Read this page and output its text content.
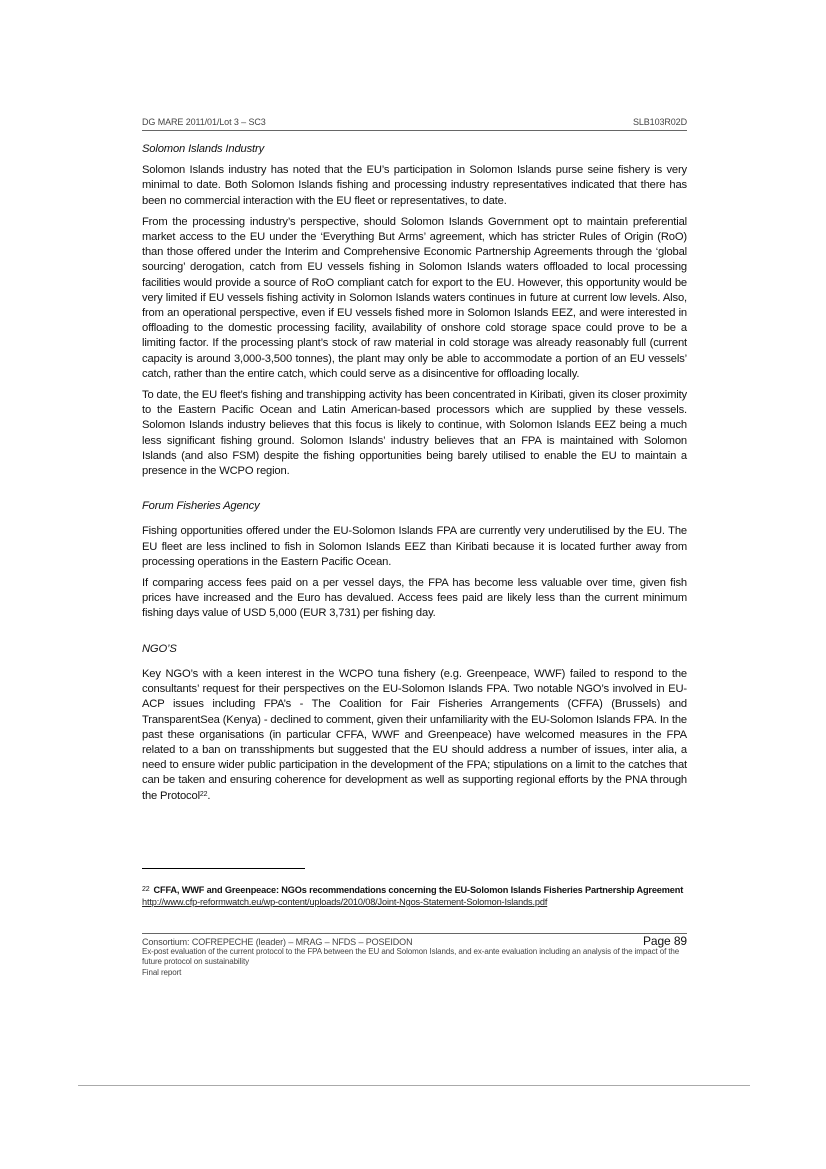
DG MARE 2011/01/Lot 3 – SC3	SLB103R02D
Solomon Islands Industry

Solomon Islands industry has noted that the EU’s participation in Solomon Islands purse seine fishery is very minimal to date. Both Solomon Islands fishing and processing industry representatives indicated that there has been no commercial interaction with the EU fleet or representatives, to date.

From the processing industry’s perspective, should Solomon Islands Government opt to maintain preferential market access to the EU under the ‘Everything But Arms’ agreement, which has stricter Rules of Origin (RoO) than those offered under the Interim and Comprehensive Economic Partnership Agreements through the ‘global sourcing’ derogation, catch from EU vessels fishing in Solomon Islands waters offloaded to local processing facilities would provide a source of RoO compliant catch for export to the EU. However, this opportunity would be very limited if EU vessels fishing activity in Solomon Islands waters continues in future at current low levels. Also, from an operational perspective, even if EU vessels fished more in Solomon Islands EEZ, and were interested in offloading to the domestic processing facility, availability of onshore cold storage space could prove to be a limiting factor. If the processing plant’s stock of raw material in cold storage was already reasonably full (current capacity is around 3,000-3,500 tonnes), the plant may only be able to accommodate a portion of an EU vessels’ catch, rather than the entire catch, which could serve as a disincentive for offloading locally.

To date, the EU fleet’s fishing and transhipping activity has been concentrated in Kiribati, given its closer proximity to the Eastern Pacific Ocean and Latin American-based processors which are supplied by these vessels. Solomon Islands industry believes that this focus is likely to continue, with Solomon Islands EEZ being a much less significant fishing ground. Solomon Islands’ industry believes that an FPA is maintained with Solomon Islands (and also FSM) despite the fishing opportunities being barely utilised to enable the EU to maintain a presence in the WCPO region.

Forum Fisheries Agency

Fishing opportunities offered under the EU-Solomon Islands FPA are currently very underutilised by the EU. The EU fleet are less inclined to fish in Solomon Islands EEZ than Kiribati because it is located further away from processing operations in the Eastern Pacific Ocean.

If comparing access fees paid on a per vessel days, the FPA has become less valuable over time, given fish prices have increased and the Euro has devalued. Access fees paid are likely less than the current minimum fishing days value of USD 5,000 (EUR 3,731) per fishing day.

NGO’S

Key NGO’s with a keen interest in the WCPO tuna fishery (e.g. Greenpeace, WWF) failed to respond to the consultants’ request for their perspectives on the EU-Solomon Islands FPA. Two notable NGO’s involved in EU-ACP issues including FPA’s - The Coalition for Fair Fisheries Arrangements (CFFA) (Brussels) and TransparentSea (Kenya) - declined to comment, given their unfamiliarity with the EU-Solomon Islands FPA. In the past these organisations (in particular CFFA, WWF and Greenpeace) have welcomed measures in the FPA related to a ban on transshipments but suggested that the EU should address a number of issues, inter alia, a need to ensure wider public participation in the development of the FPA; stipulations on a limit to the catches that can be taken and ensuring coherence for development as well as supporting regional efforts by the PNA through the Protocol$^{22}$.

$^{22}$ CFFA, WWF and Greenpeace: NGOs recommendations concerning the EU-Solomon Islands Fisheries Partnership Agreement
http://www.cfp-reformwatch.eu/wp-content/uploads/2010/08/Joint-Ngos-Statement-Solomon-Islands.pdf
Consortium: COFREPECHE (leader) – MRAG – NFDS – POSEIDON	Page 89
Ex-post evaluation of the current protocol to the FPA between the EU and Solomon Islands, and ex-ante evaluation including an analysis of the impact of the future protocol on sustainability
Final report
